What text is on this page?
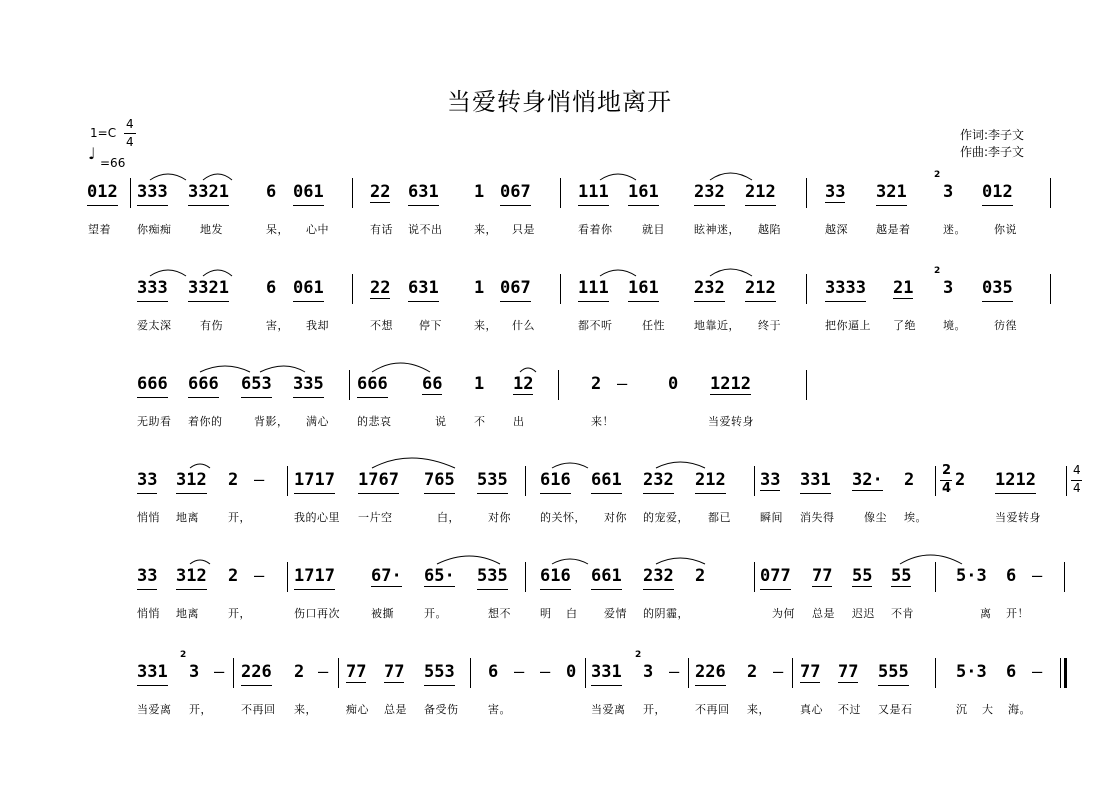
当爱转身悄悄地离开
1=C
4
4
♩ =66
作词:李子文
作曲:李子文
012 333 3321 6 061	22 631 1 067	111 161 232 212	33 321 3 012
2
望着 你痴痴	地发	呆， 心中	有话 说不出	来， 只是	看着你	就目	眩神迷， 越陷	越深	越是着	迷。	你说
333 3321 6 061	22 631 1 067	111 161 232 212	3333 21 3 035
2
爱太深	有伤	害， 我却	不想 停下	来， 什么	都不听	任性	地靠近， 终于	把你逼上 了绝 境。	彷徨
666 666 653 335 666 66 1 12	2 – 0 1212
无助看 着你的	背影， 满心	的悲哀	说	不	出	来！	当爱转身
33 312 2 – 1717 1767 765 535 616 661 232 212 33 331 32· 2 2
4 2 1212	4
4
悄悄 地离	开，	我的心里 一片空	白，	对你	的关怀， 对你 的宠爱， 都已	瞬间 消失得	像尘 埃。	当爱转身
33 312 2 – 1717 67· 65· 535 616 661 232 2	077 77 55 55	5·3 6 –
悄悄 地离	开，	伤口再次	被撕	开。	想不	明 白 爱情 的阴霾，	为何 总是 迟迟 不肯	离 开！
331 3 – 226 2 – 77 77 553 6 – – 0 331 3 – 226 2 – 77 77 555	5·3 6 –
2	2
当爱离 开，	不再回 来，	痴心 总是 备受伤	害。	当爱离 开，	不再回 来，	真心 不过 又是石	沉 大 海。
